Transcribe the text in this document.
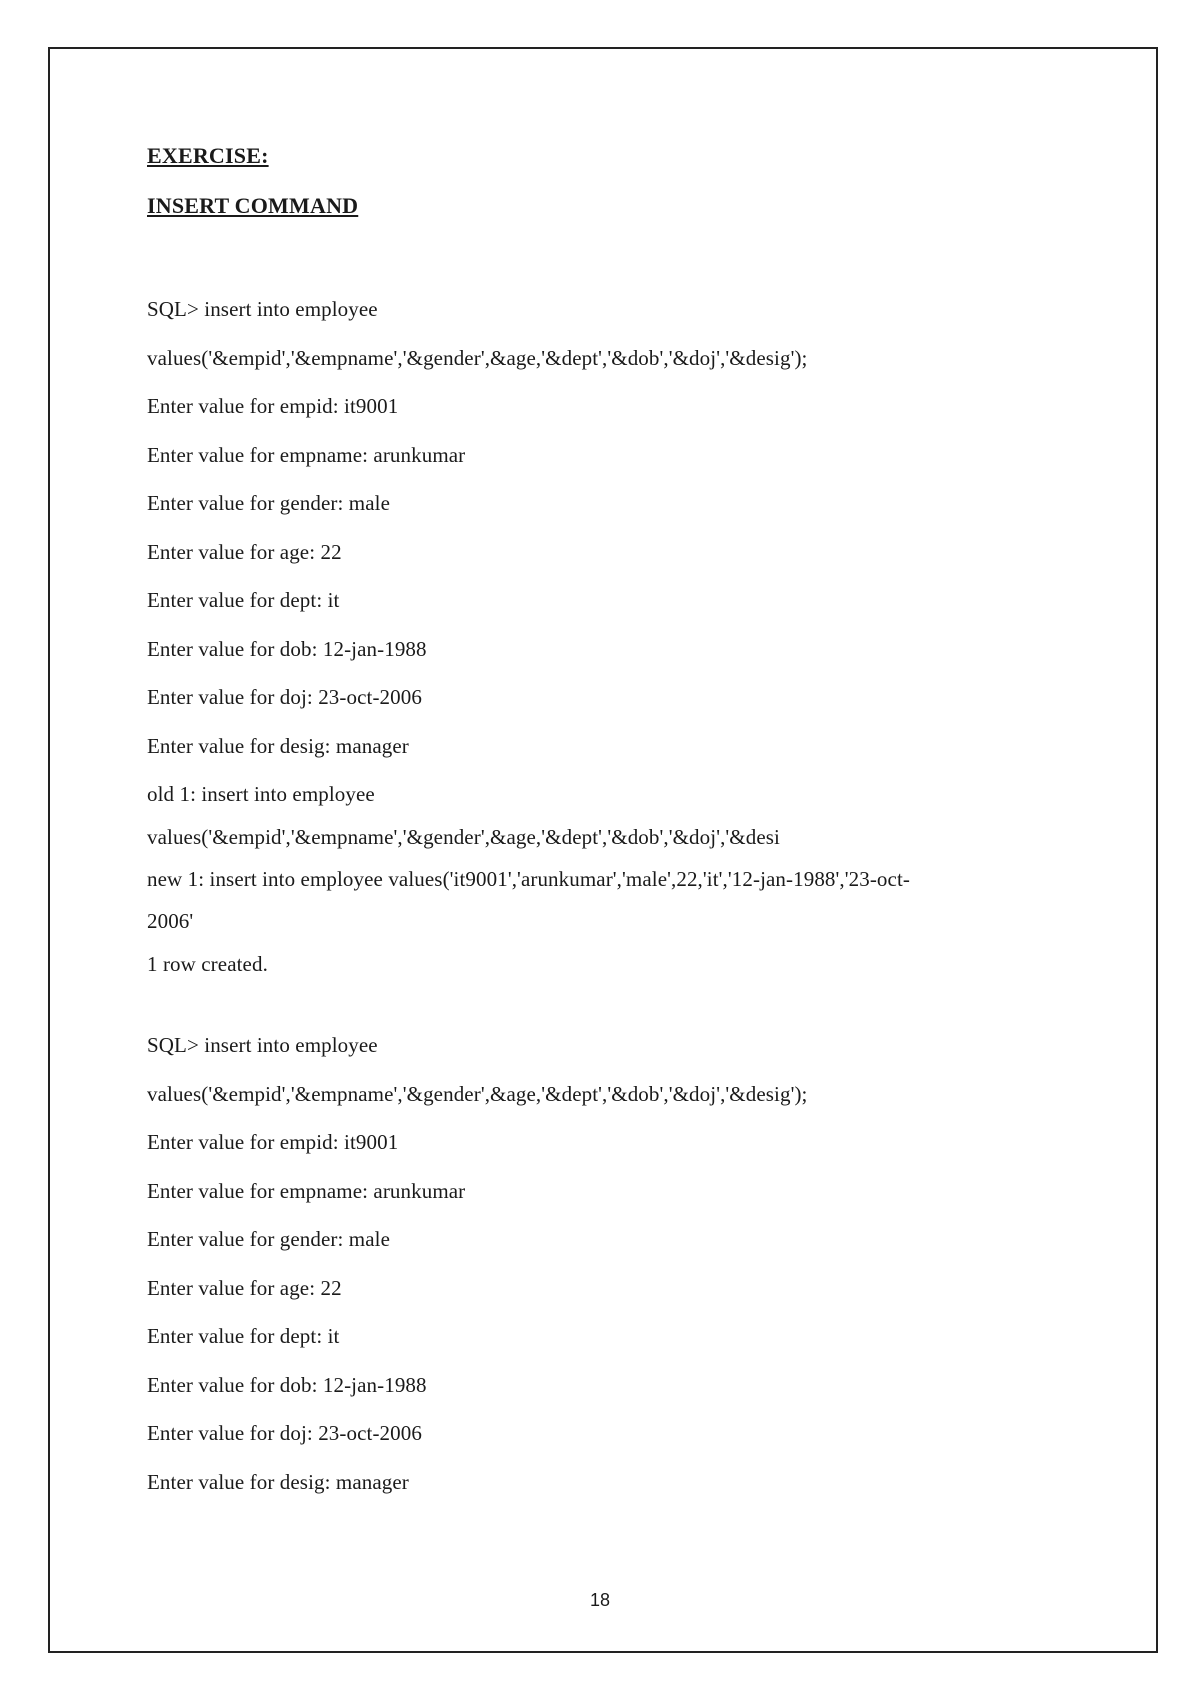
EXERCISE:
INSERT COMMAND
SQL> insert into employee
values('&empid','&empname','&gender',&age,'&dept','&dob','&doj','&desig');
Enter value for empid: it9001
Enter value for empname: arunkumar
Enter value for gender: male
Enter value for age: 22
Enter value for dept: it
Enter value for dob: 12-jan-1988
Enter value for doj: 23-oct-2006
Enter value for desig: manager
old 1: insert into employee
values('&empid','&empname','&gender',&age,'&dept','&dob','&doj','&desi
new 1: insert into employee values('it9001','arunkumar','male',22,'it','12-jan-1988','23-oct-
2006'
1 row created.
SQL> insert into employee
values('&empid','&empname','&gender',&age,'&dept','&dob','&doj','&desig');
Enter value for empid: it9001
Enter value for empname: arunkumar
Enter value for gender: male
Enter value for age: 22
Enter value for dept: it
Enter value for dob: 12-jan-1988
Enter value for doj: 23-oct-2006
Enter value for desig: manager
18
